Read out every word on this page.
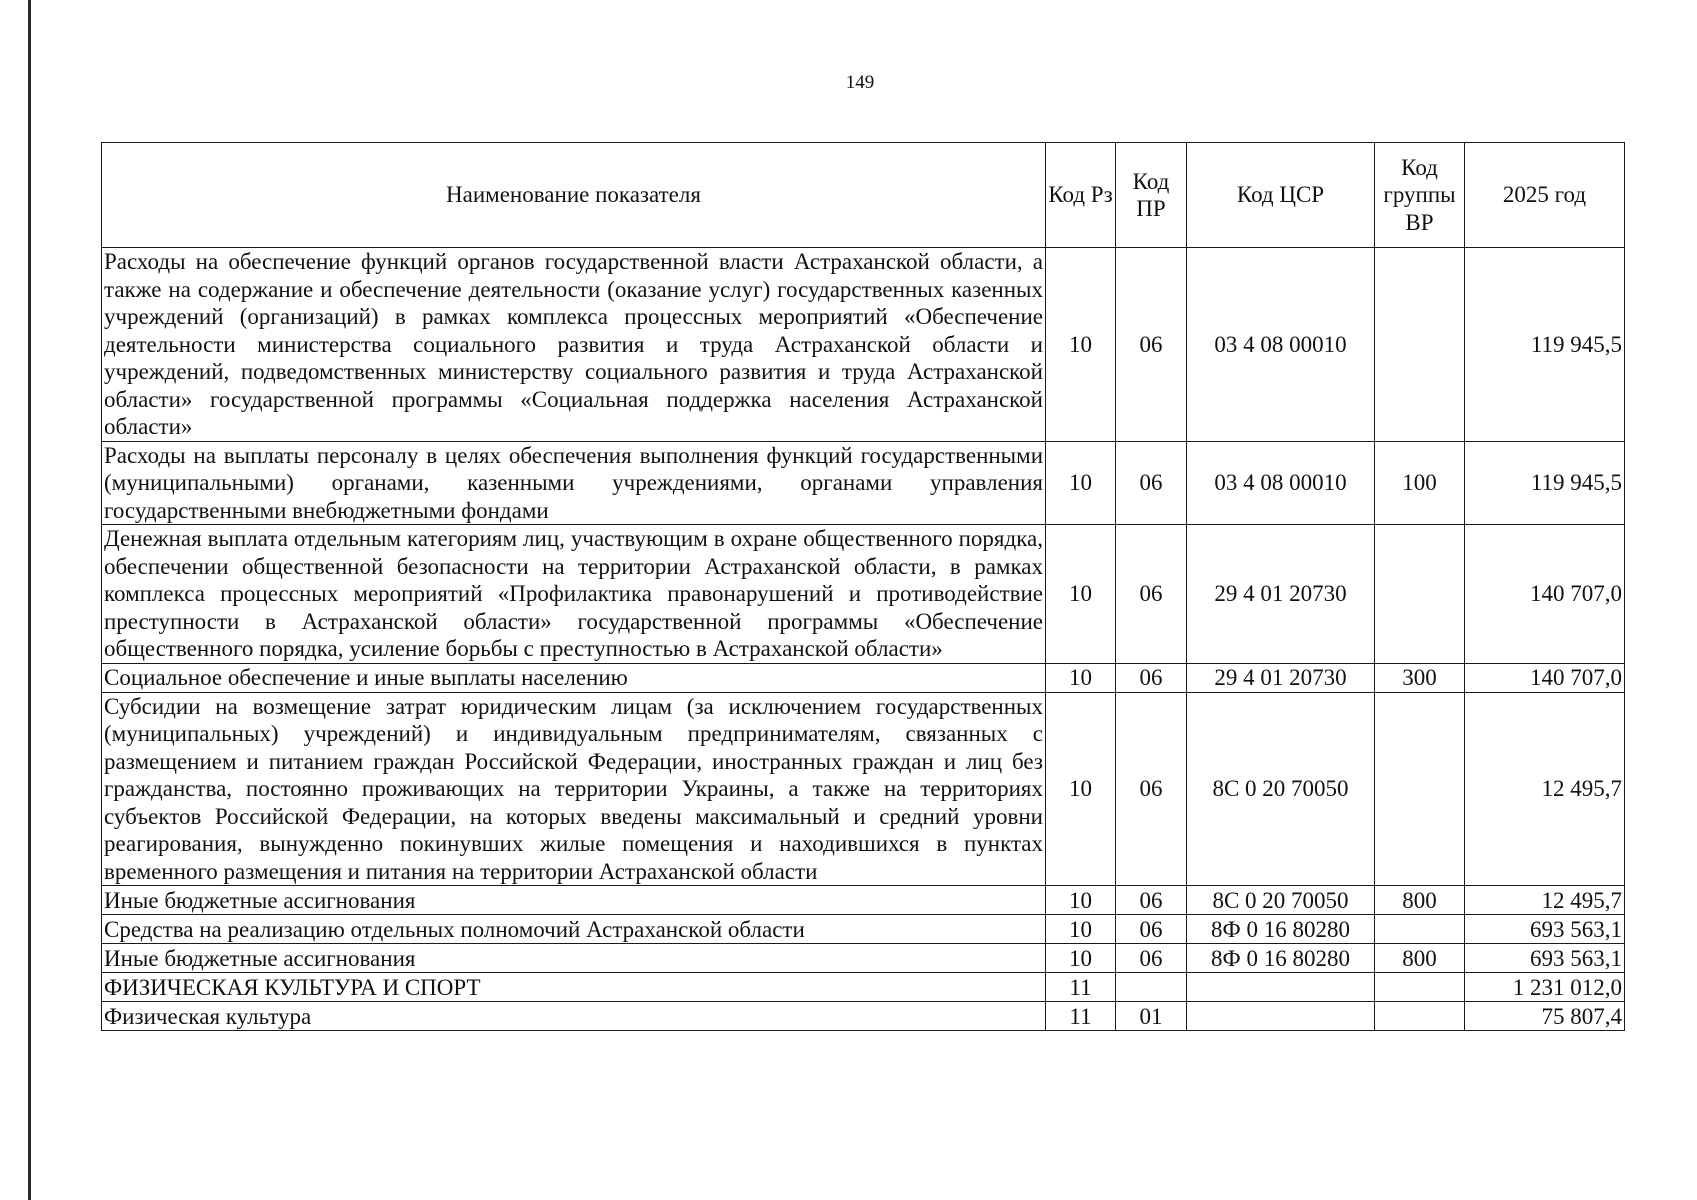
149
Наименование показателя	Код Рз	Код ПР	Код ЦСР	Код группы ВР	2025 год
Расходы на обеспечение функций органов государственной власти Астраханской области, а также на содержание и обеспечение деятельности (оказание услуг) государственных казенных учреждений (организаций) в рамках комплекса процессных мероприятий «Обеспечение деятельности министерства социального развития и труда Астраханской области и учреждений, подведомственных министерству социального развития и труда Астраханской области» государственной программы «Социальная поддержка населения Астраханской области»	10	06	03 4 08 00010		119 945,5
Расходы на выплаты персоналу в целях обеспечения выполнения функций государственными (муниципальными) органами, казенными учреждениями, органами управления государственными внебюджетными фондами	10	06	03 4 08 00010	100	119 945,5
Денежная выплата отдельным категориям лиц, участвующим в охране общественного порядка, обеспечении общественной безопасности на территории Астраханской области, в рамках комплекса процессных мероприятий «Профилактика правонарушений и противодействие преступности в Астраханской области» государственной программы «Обеспечение общественного порядка, усиление борьбы с преступностью в Астраханской области»	10	06	29 4 01 20730		140 707,0
Социальное обеспечение и иные выплаты населению	10	06	29 4 01 20730	300	140 707,0
Субсидии на возмещение затрат юридическим лицам (за исключением государственных (муниципальных) учреждений) и индивидуальным предпринимателям, связанных с размещением и питанием граждан Российской Федерации, иностранных граждан и лиц без гражданства, постоянно проживающих на территории Украины, а также на территориях субъектов Российской Федерации, на которых введены максимальный и средний уровни реагирования, вынужденно покинувших жилые помещения и находившихся в пунктах временного размещения и питания на территории Астраханской области	10	06	8С 0 20 70050		12 495,7
Иные бюджетные ассигнования	10	06	8С 0 20 70050	800	12 495,7
Средства на реализацию отдельных полномочий Астраханской области	10	06	8Ф 0 16 80280		693 563,1
Иные бюджетные ассигнования	10	06	8Ф 0 16 80280	800	693 563,1
ФИЗИЧЕСКАЯ КУЛЬТУРА И СПОРТ	11				1 231 012,0
Физическая культура	11	01			75 807,4
